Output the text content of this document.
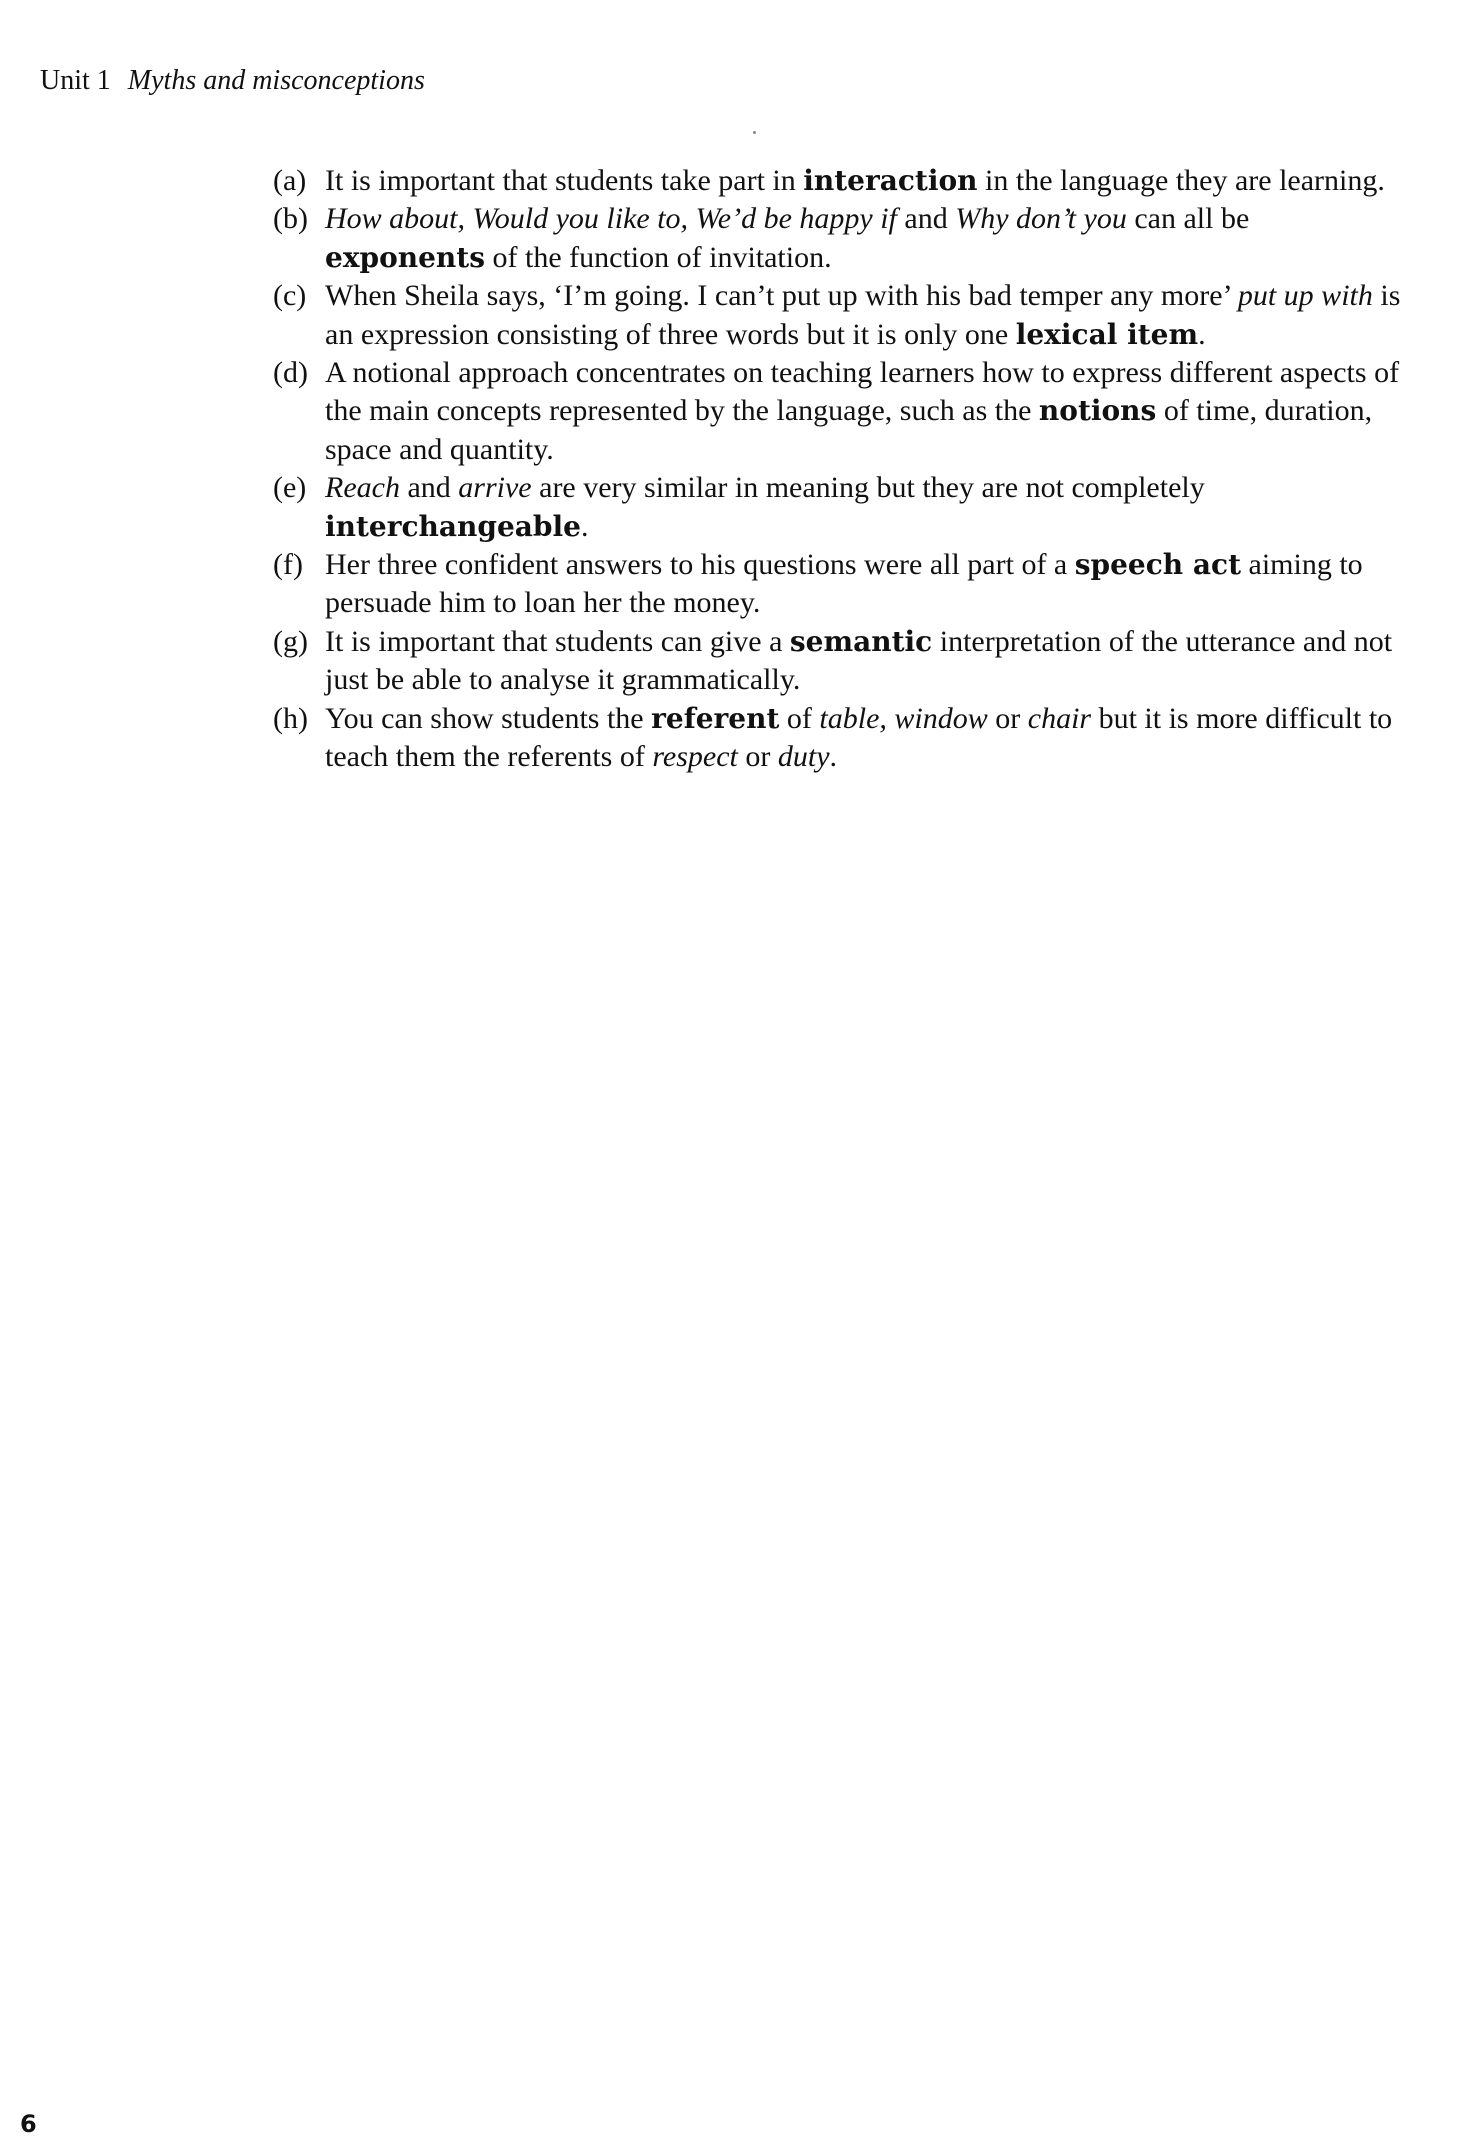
Unit 1 Myths and misconceptions
(a) It is important that students take part in interaction in the language they are learning.
(b) How about, Would you like to, We’d be happy if and Why don’t you can all be exponents of the function of invitation.
(c) When Sheila says, ‘I’m going. I can’t put up with his bad temper any more’ put up with is an expression consisting of three words but it is only one lexical item.
(d) A notional approach concentrates on teaching learners how to express different aspects of the main concepts represented by the language, such as the notions of time, duration, space and quantity.
(e) Reach and arrive are very similar in meaning but they are not completely interchangeable.
(f) Her three confident answers to his questions were all part of a speech act aiming to persuade him to loan her the money.
(g) It is important that students can give a semantic interpretation of the utterance and not just be able to analyse it grammatically.
(h) You can show students the referent of table, window or chair but it is more difficult to teach them the referents of respect or duty.
6
